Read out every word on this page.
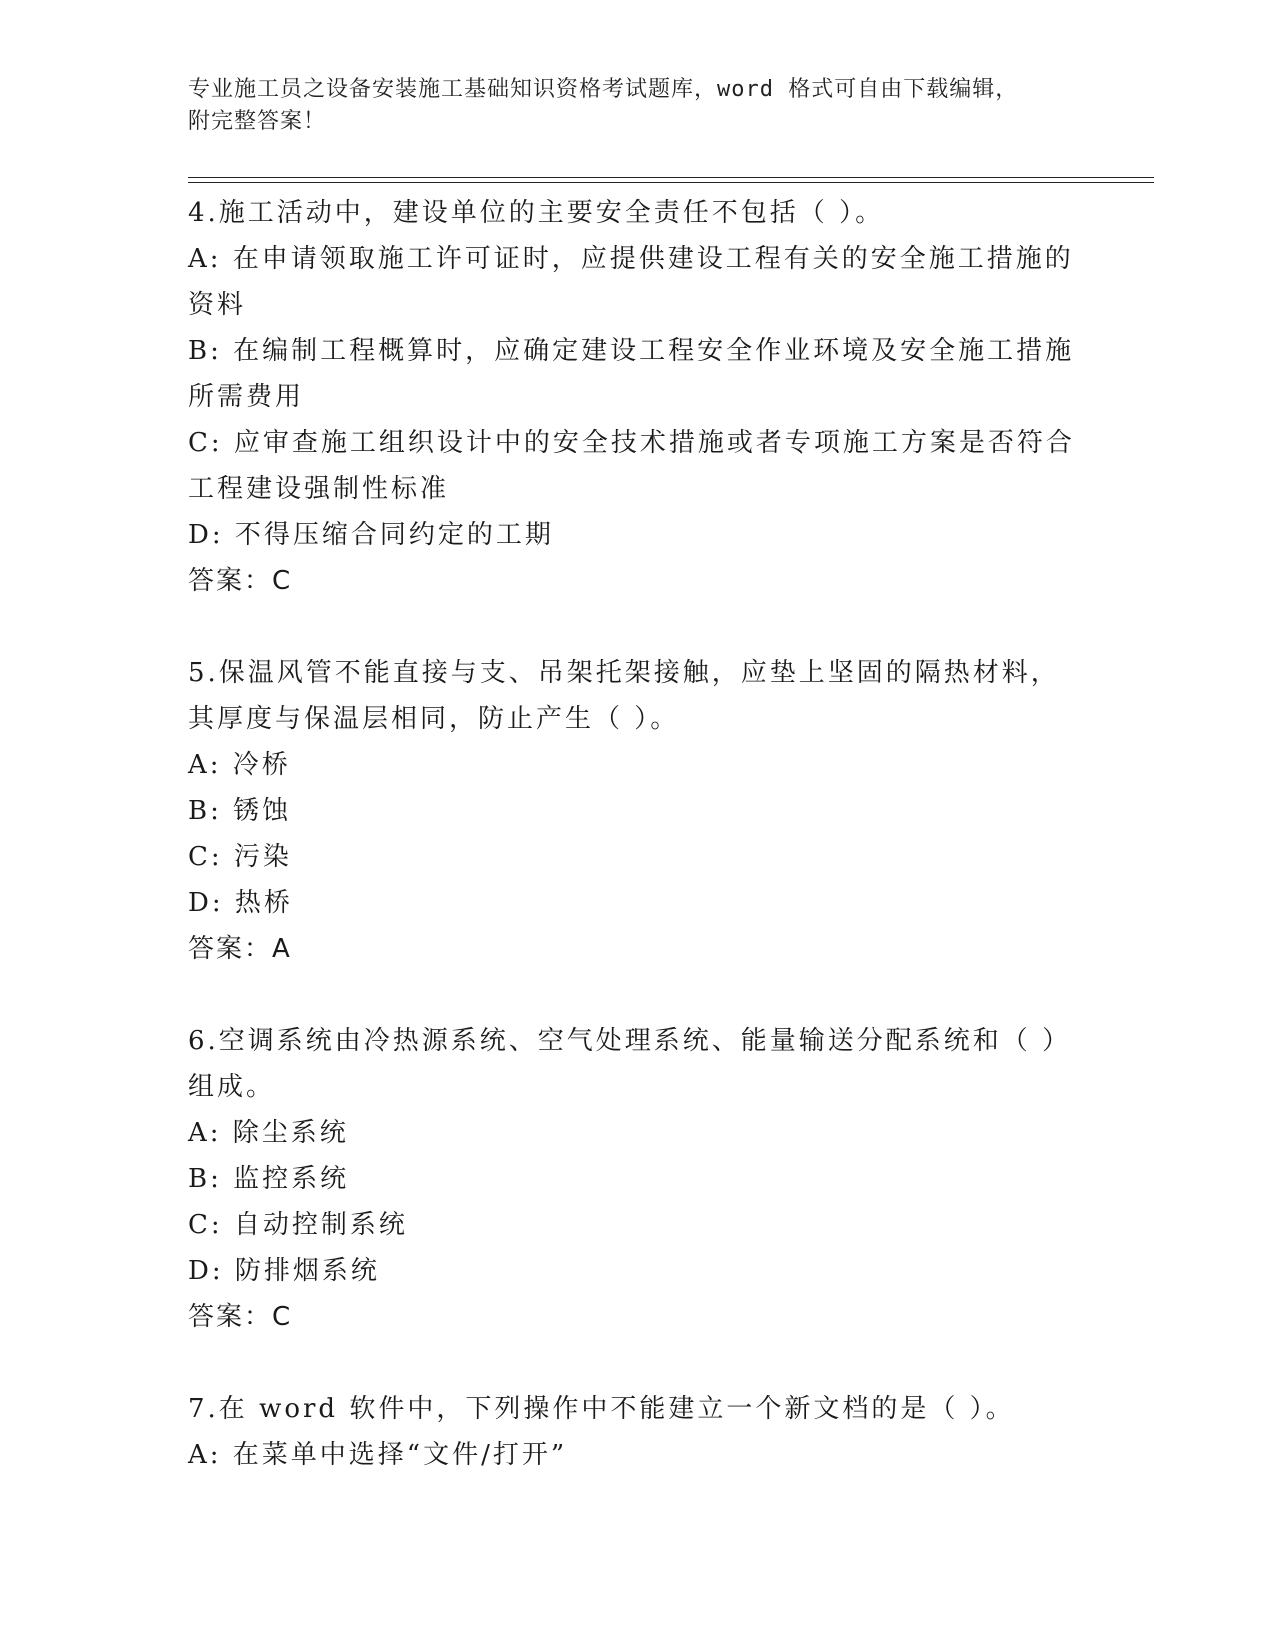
专业施工员之设备安装施工基础知识资格考试题库，word 格式可自由下载编辑，
附完整答案！
4.施工活动中，建设单位的主要安全责任不包括（ ）。
A: 在申请领取施工许可证时，应提供建设工程有关的安全施工措施的
资料
B: 在编制工程概算时，应确定建设工程安全作业环境及安全施工措施
所需费用
C: 应审查施工组织设计中的安全技术措施或者专项施工方案是否符合
工程建设强制性标准
D: 不得压缩合同约定的工期
答案：C
5.保温风管不能直接与支、吊架托架接触，应垫上坚固的隔热材料，
其厚度与保温层相同，防止产生（ ）。
A: 冷桥
B: 锈蚀
C: 污染
D: 热桥
答案：A
6.空调系统由冷热源系统、空气处理系统、能量输送分配系统和（ ）
组成。
A: 除尘系统
B: 监控系统
C: 自动控制系统
D: 防排烟系统
答案：C
7.在 word 软件中，下列操作中不能建立一个新文档的是（ ）。
A: 在菜单中选择“文件/打开”
